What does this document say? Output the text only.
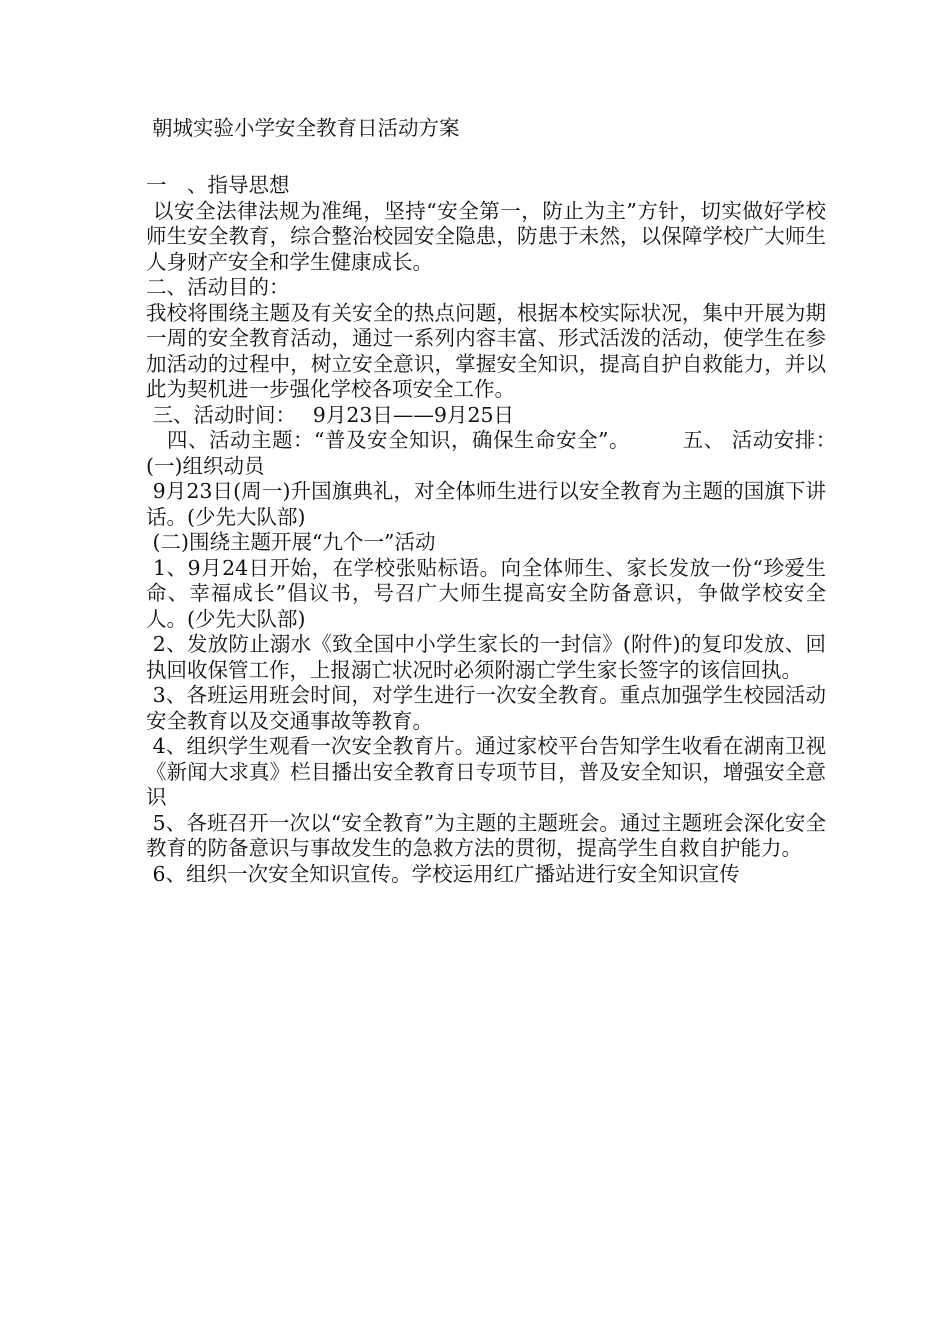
朝城实验小学安全教育日活动方案
一　、指导思想
以安全法律法规为准绳，坚持“安全第一，防止为主”方针，切实做好学校师生安全教育，综合整治校园安全隐患，防患于未然，以保障学校广大师生人身财产安全和学生健康成长。
二、活动目的：
我校将围绕主题及有关安全的热点问题，根据本校实际状况，集中开展为期一周的安全教育活动，通过一系列内容丰富、形式活泼的活动，使学生在参加活动的过程中，树立安全意识，掌握安全知识，提高自护自救能力，并以此为契机进一步强化学校各项安全工作。
三、活动时间：　 9月23日——9月25日
　四、活动主题：“普及安全知识，确保生命安全”。　　　五、 活动安排：　　　(一)组织动员
9月23日(周一)升国旗典礼，对全体师生进行以安全教育为主题的国旗下讲话。(少先大队部)
(二)围绕主题开展“九个一”活动
1、9月24日开始，在学校张贴标语。向全体师生、家长发放一份“珍爱生命、幸福成长”倡议书，号召广大师生提高安全防备意识，争做学校安全人。(少先大队部)
2、发放防止溺水《致全国中小学生家长的一封信》(附件)的复印发放、回执回收保管工作，上报溺亡状况时必须附溺亡学生家长签字的该信回执。
3、各班运用班会时间，对学生进行一次安全教育。重点加强学生校园活动安全教育以及交通事故等教育。
4、组织学生观看一次安全教育片。通过家校平台告知学生收看在湖南卫视《新闻大求真》栏目播出安全教育日专项节目，普及安全知识，增强安全意识
5、各班召开一次以“安全教育”为主题的主题班会。通过主题班会深化安全教育的防备意识与事故发生的急救方法的贯彻，提高学生自救自护能力。
6、组织一次安全知识宣传。学校运用红广播站进行安全知识宣传
